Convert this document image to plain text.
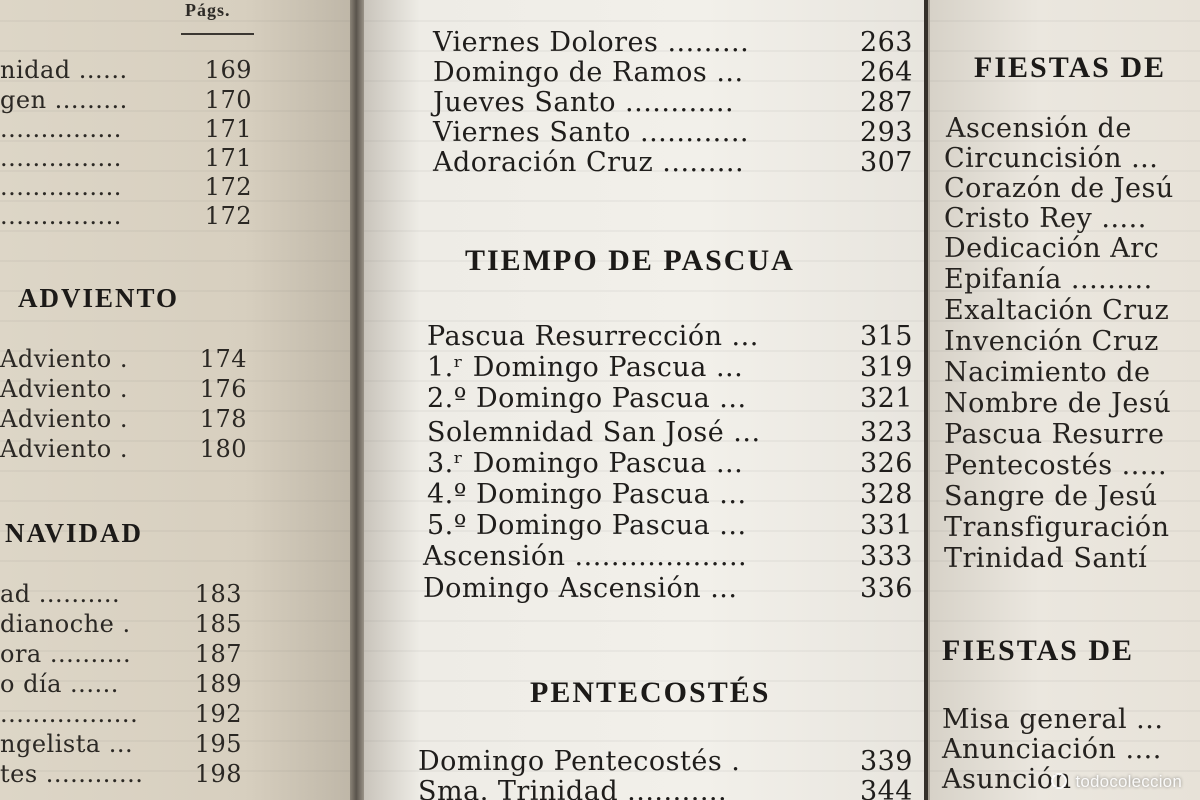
Págs.
nidad ......	169
gen .........	170
...............	171
...............	171
...............	172
...............	172
ADVIENTO
Adviento .	174
Adviento .	176
Adviento .	178
Adviento .	180
NAVIDAD
ad ..........	183
dianoche .	185
ora ..........	187
o día ......	189
................. 192
ngelista ...	195
tes ............ 198
Viernes Dolores .........	263
Domingo de Ramos ...	264
Jueves Santo ............	287
Viernes Santo ............	293
Adoración Cruz .........	307
TIEMPO DE PASCUA
Pascua Resurrección ...	315
1.ʳ Domingo Pascua ...	319
2.º Domingo Pascua ...	321
Solemnidad San José ...	323
3.ʳ Domingo Pascua ...	326
4.º Domingo Pascua ...	328
5.º Domingo Pascua ...	331
Ascensión ...................	333
Domingo Ascensión ...	336
PENTECOSTÉS
Domingo Pentecostés .	339
Sma. Trinidad ...........	344
FIESTAS DE
Ascensión de
Circuncisión ...
Corazón de Jesú
Cristo Rey .....
Dedicación Arc
Epifanía .........
Exaltación Cruz
Invención Cruz
Nacimiento de
Nombre de Jesú
Pascua Resurre
Pentecostés .....
Sangre de Jesú
Transfiguración
Trinidad Santí
FIESTAS DE
Misa general ...
Anunciación ....
Asunción todocoleccion
